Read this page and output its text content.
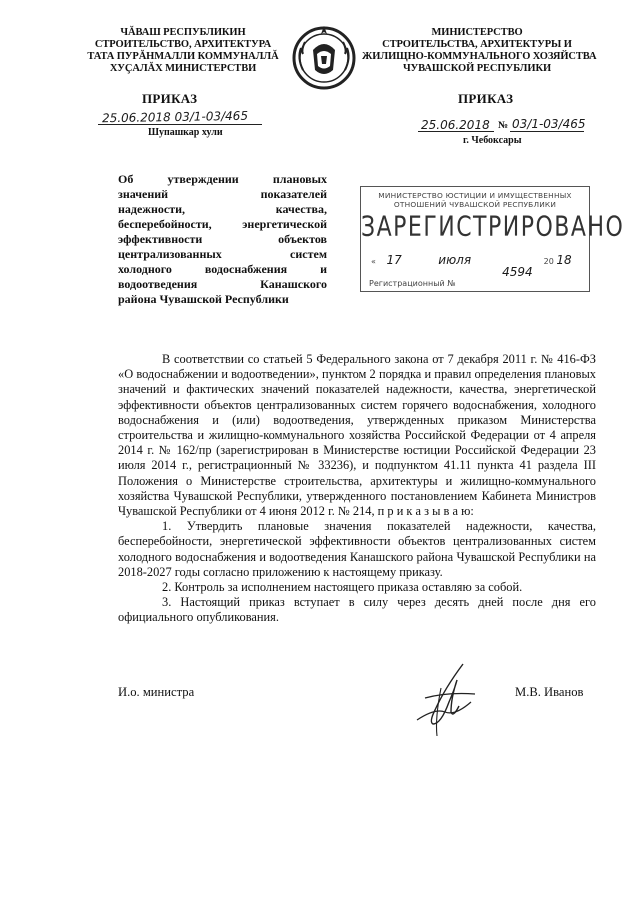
ЧĂВАШ РЕСПУБЛИКИН
СТРОИТЕЛЬСТВО, АРХИТЕКТУРА
ТАТА ПУРĂНМАЛЛИ КОММУНАЛЛĂ
ХУҪАЛĂХ МИНИСТЕРСТВИ
ПРИКАЗ
25.06.2018 03/1-03/465
Шупашкар хули
МИНИСТЕРСТВО
СТРОИТЕЛЬСТВА, АРХИТЕКТУРЫ И
ЖИЛИЩНО-КОММУНАЛЬНОГО ХОЗЯЙСТВА
ЧУВАШСКОЙ РЕСПУБЛИКИ
ПРИКАЗ
25.06.2018 № 03/1-03/465
г. Чебоксары
Об утверждении плановых
значений показателей
надежности, качества,
бесперебойности, энергетической
эффективности объектов
централизованных систем
холодного водоснабжения и
водоотведения Канашского
района Чувашской Республики
МИНИСТЕРСТВО ЮСТИЦИИ И ИМУЩЕСТВЕННЫХ
ОТНОШЕНИЙ ЧУВАШСКОЙ РЕСПУБЛИКИ
ЗАРЕГИСТРИРОВАНО
« 17	июля	20 18
Регистрационный № 4594

В соответствии со статьей 5 Федерального закона от 7 декабря 2011 г. № 416-ФЗ «О водоснабжении и водоотведении», пунктом 2 порядка и правил определения плановых значений и фактических значений показателей надежности, качества, энергетической эффективности объектов централизованных систем горячего водоснабжения, холодного водоснабжения и (или) водоотведения, утвержденных приказом Министерства строительства и жилищно-коммунального хозяйства Российской Федерации от 4 апреля 2014 г. № 162/пр (зарегистрирован в Министерстве юстиции Российской Федерации 23 июля 2014 г., регистрационный № 33236), и подпунктом 41.11 пункта 41 раздела III Положения о Министерстве строительства, архитектуры и жилищно-коммунального хозяйства Чувашской Республики, утвержденного постановлением Кабинета Министров Чувашской Республики от 4 июня 2012 г. № 214, п р и к а з ы в а ю:

1. Утвердить плановые значения показателей надежности, качества, бесперебойности, энергетической эффективности объектов централизованных систем холодного водоснабжения и водоотведения Канашского района Чувашской Республики на 2018-2027 годы согласно приложению к настоящему приказу.

2. Контроль за исполнением настоящего приказа оставляю за собой.

3. Настоящий приказ вступает в силу через десять дней после дня его официального опубликования.

И.о. министра	М.В. Иванов
